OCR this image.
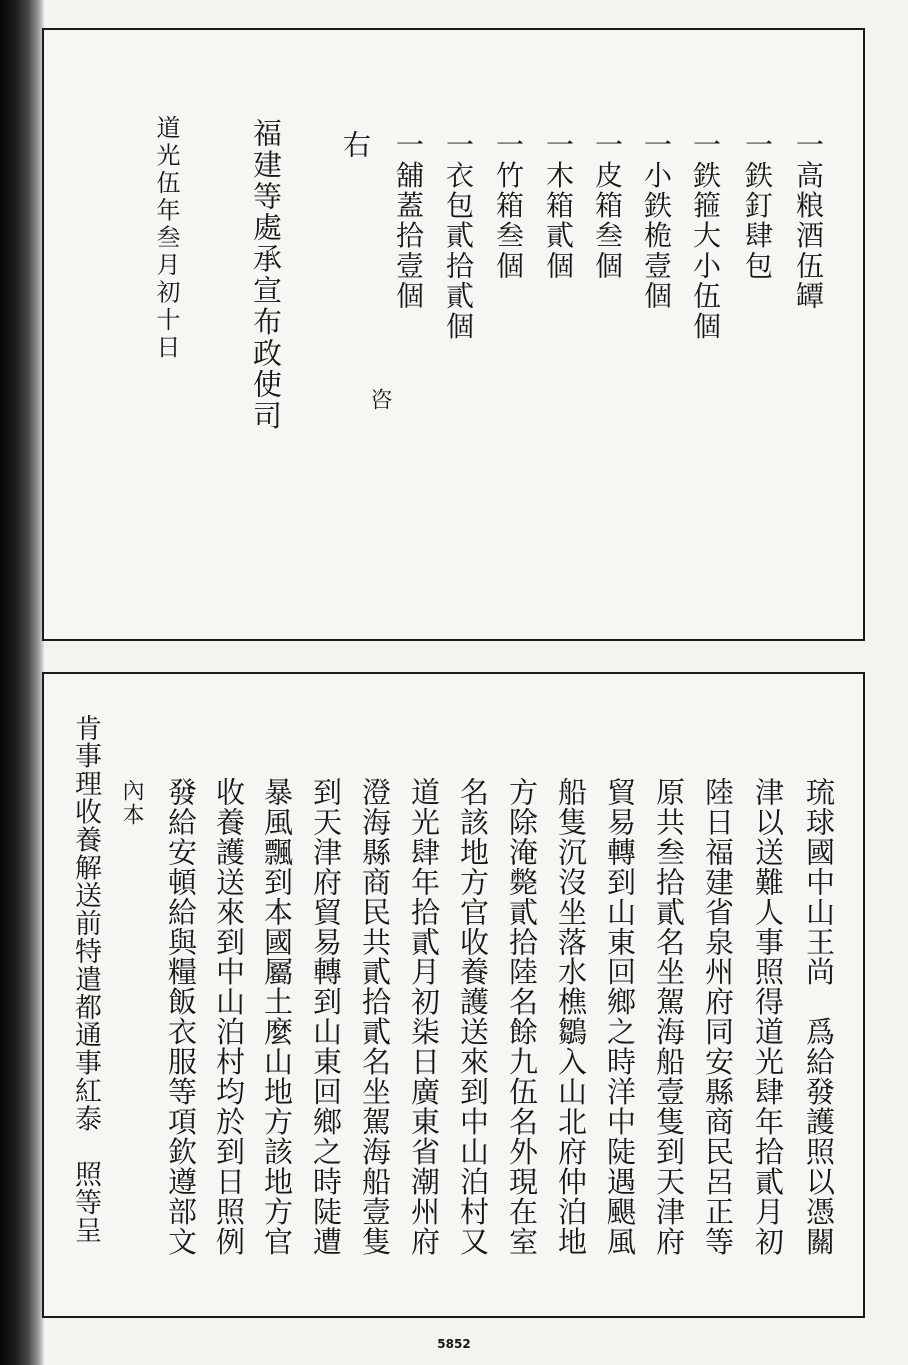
一高粮酒伍罈
一鉄釘肆包
一鉄箍大小伍個
一小鉄桅壹個
一皮箱叁個
一木箱貳個
一竹箱叁個
一衣包貳拾貳個
一舖蓋拾壹個
右
咨
福建等處承宣布政使司
道光伍年叁月初十日
琉球國中山王尚　爲給發護照以憑關
津以送難人事照得道光肆年拾貳月初
陸日福建省泉州府同安縣商民呂正等
原共叁拾貳名坐駕海船壹隻到天津府
貿易轉到山東回鄉之時洋中陡遇颶風
船隻沉沒坐落水樵鶵入山北府仲泊地
方除淹斃貳拾陸名餘九伍名外現在室
名該地方官收養護送來到中山泊村又
道光肆年拾貳月初柒日廣東省潮州府
澄海縣商民共貳拾貳名坐駕海船壹隻
到天津府貿易轉到山東回鄉之時陡遭
暴風飄到本國屬土麼山地方該地方官
收養護送來到中山泊村均於到日照例
發給安頓給與糧飯衣服等項欽遵部文
內本
肯事理收養解送前特遣都通事紅泰　照等呈
5852
